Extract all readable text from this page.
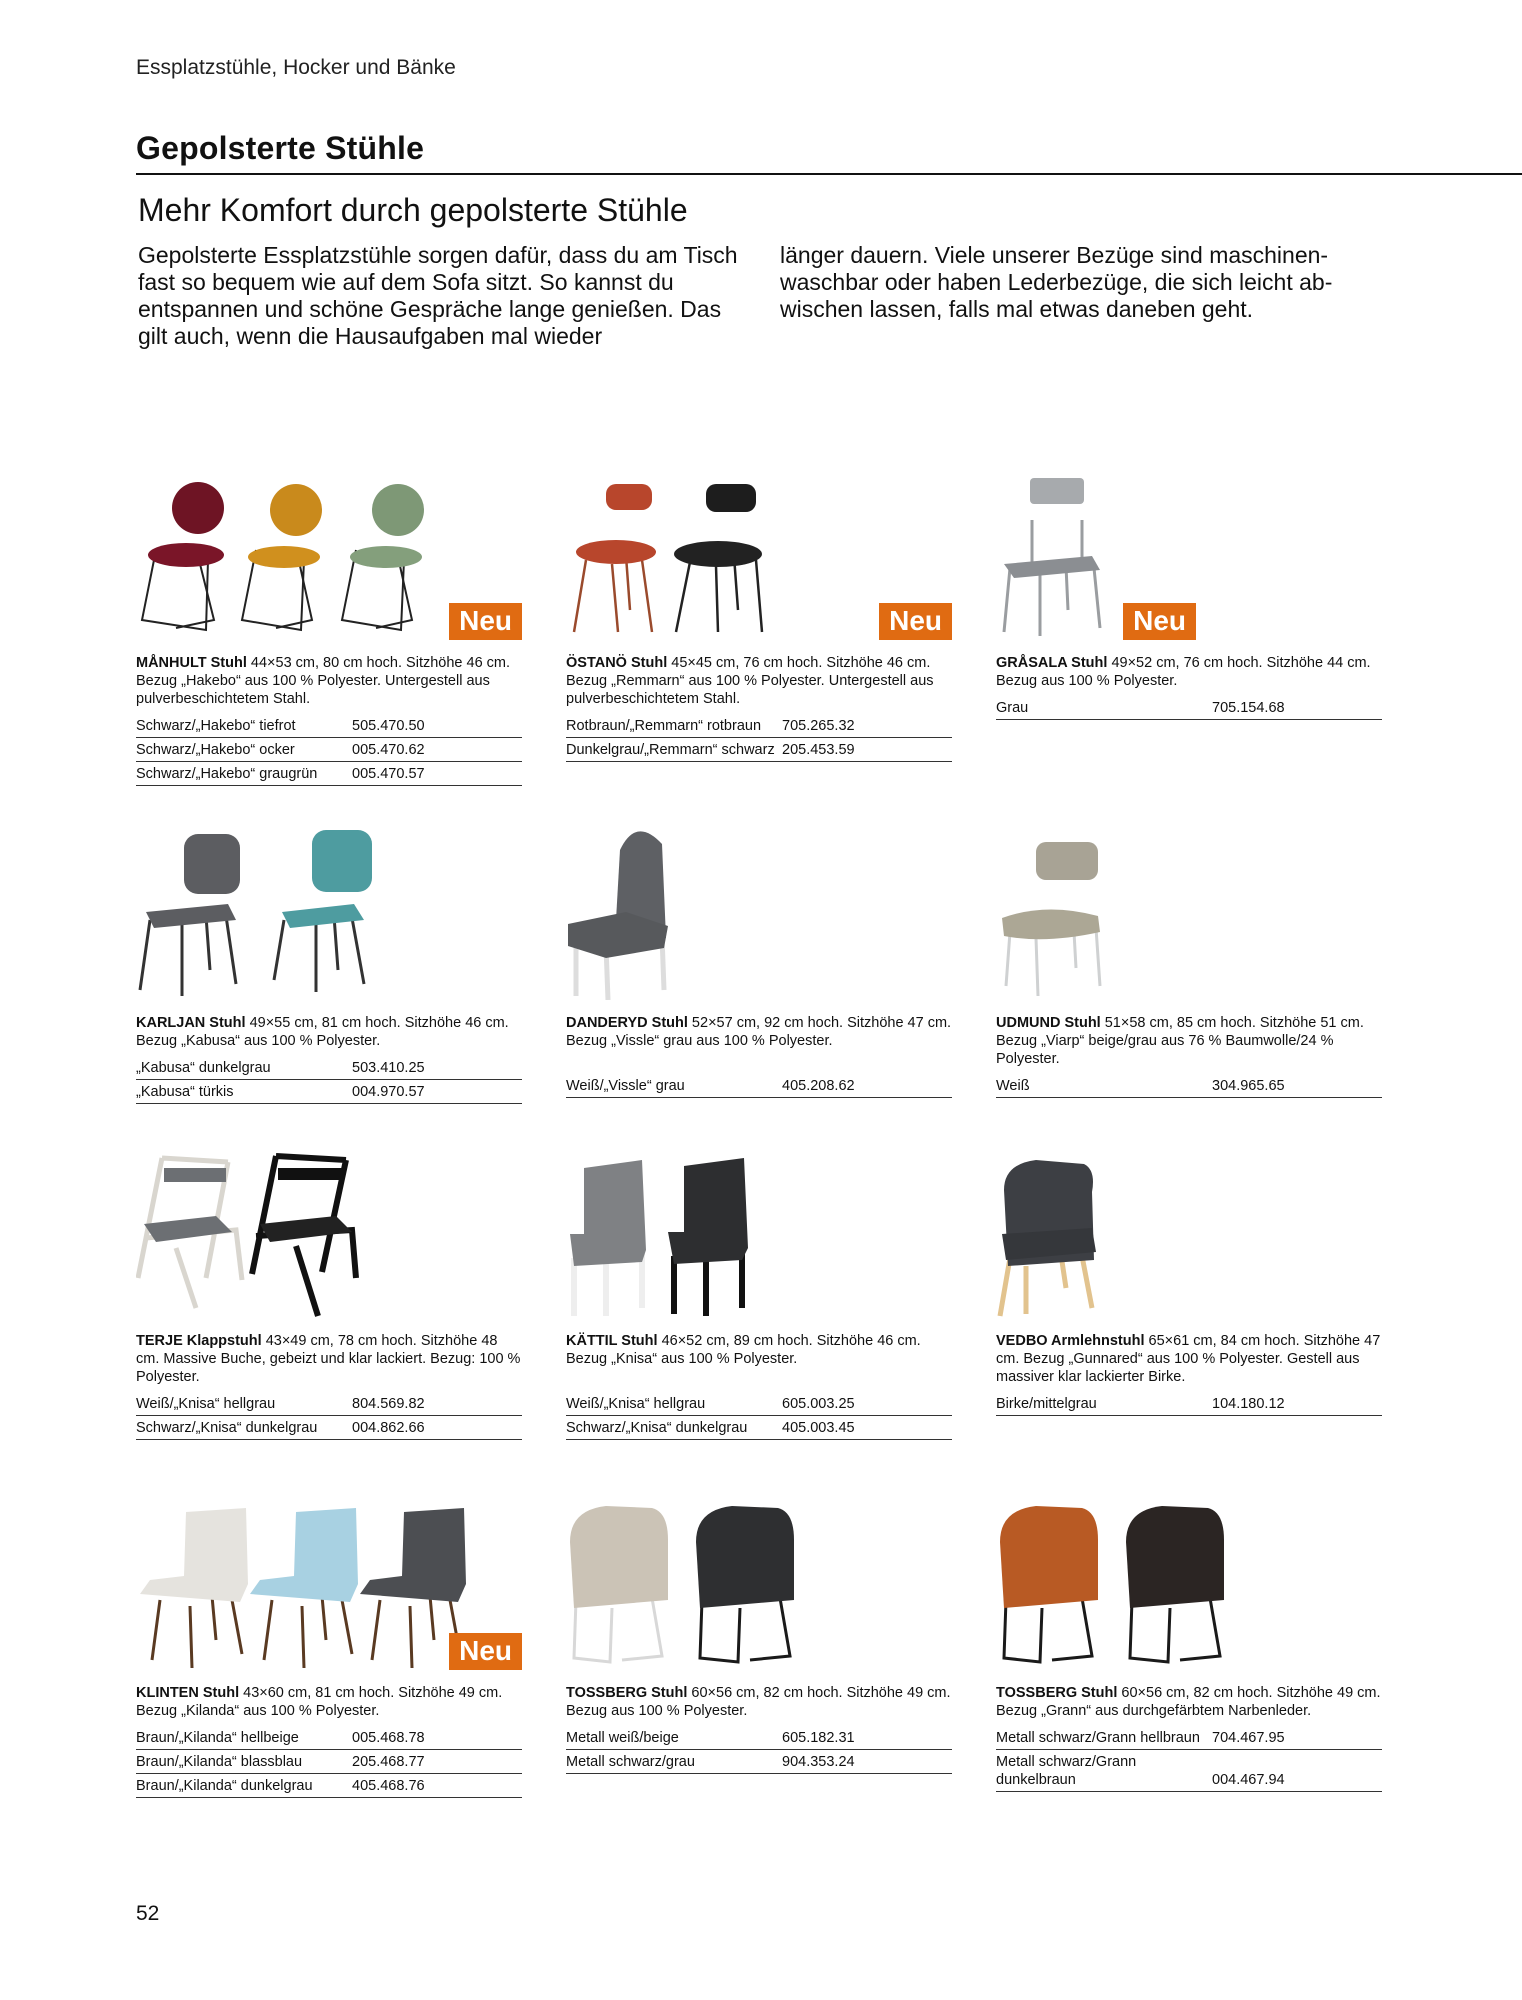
Essplatzstühle, Hocker und Bänke
Gepolsterte Stühle
Mehr Komfort durch gepolsterte Stühle
Gepolsterte Essplatzstühle sorgen dafür, dass du am Tisch fast so bequem wie auf dem Sofa sitzt. So kannst du entspannen und schöne Gespräche lange genießen. Das gilt auch, wenn die Hausaufgaben mal wieder
länger dauern. Viele unserer Bezüge sind maschinenwaschbar oder haben Lederbezüge, die sich leicht abwischen lassen, falls mal etwas daneben geht.
Neu
MÅNHULT Stuhl 44×53 cm, 80 cm hoch. Sitzhöhe 46 cm. Bezug „Hakebo“ aus 100 % Polyester. Untergestell aus pulverbeschichtetem Stahl.
Schwarz/„Hakebo“ tiefrot	505.470.50
Schwarz/„Hakebo“ ocker	005.470.62
Schwarz/„Hakebo“ graugrün	005.470.57
Neu
ÖSTANÖ Stuhl 45×45 cm, 76 cm hoch. Sitzhöhe 46 cm. Bezug „Remmarn“ aus 100 % Polyester. Untergestell aus pulverbeschichtetem Stahl.
Rotbraun/„Remmarn“ rotbraun	705.265.32
Dunkelgrau/„Remmarn“ schwarz 205.453.59
Neu
GRÅSALA Stuhl 49×52 cm, 76 cm hoch. Sitzhöhe 44 cm. Bezug aus 100 % Polyester.
Grau	705.154.68
KARLJAN Stuhl 49×55 cm, 81 cm hoch. Sitzhöhe 46 cm. Bezug „Kabusa“ aus 100 % Polyester.
„Kabusa“ dunkelgrau	503.410.25
„Kabusa“ türkis	004.970.57
DANDERYD Stuhl 52×57 cm, 92 cm hoch. Sitzhöhe 47 cm. Bezug „Vissle“ grau aus 100 % Polyester.
Weiß/„Vissle“ grau	405.208.62
UDMUND Stuhl 51×58 cm, 85 cm hoch. Sitzhöhe 51 cm. Bezug „Viarp“ beige/grau aus 76 % Baumwolle/24 % Polyester.
Weiß	304.965.65
TERJE Klappstuhl 43×49 cm, 78 cm hoch. Sitzhöhe 48 cm. Massive Buche, gebeizt und klar lackiert. Bezug: 100 % Polyester.
Weiß/„Knisa“ hellgrau	804.569.82
Schwarz/„Knisa“ dunkelgrau	004.862.66
KÄTTIL Stuhl 46×52 cm, 89 cm hoch. Sitzhöhe 46 cm. Bezug „Knisa“ aus 100 % Polyester.
Weiß/„Knisa“ hellgrau	605.003.25
Schwarz/„Knisa“ dunkelgrau	405.003.45
VEDBO Armlehnstuhl 65×61 cm, 84 cm hoch. Sitzhöhe 47 cm. Bezug „Gunnared“ aus 100 % Polyester. Gestell aus massiver klar lackierter Birke.
Birke/mittelgrau	104.180.12
Neu
KLINTEN Stuhl 43×60 cm, 81 cm hoch. Sitzhöhe 49 cm. Bezug „Kilanda“ aus 100 % Polyester.
Braun/„Kilanda“ hellbeige	005.468.78
Braun/„Kilanda“ blassblau	205.468.77
Braun/„Kilanda“ dunkelgrau	405.468.76
TOSSBERG Stuhl 60×56 cm, 82 cm hoch. Sitzhöhe 49 cm. Bezug aus 100 % Polyester.
Metall weiß/beige	605.182.31
Metall schwarz/grau	904.353.24
TOSSBERG Stuhl 60×56 cm, 82 cm hoch. Sitzhöhe 49 cm. Bezug „Grann“ aus durchgefärbtem Narbenleder.
Metall schwarz/Grann hellbraun 704.467.95
Metall schwarz/Grann dunkelbraun	004.467.94
52
